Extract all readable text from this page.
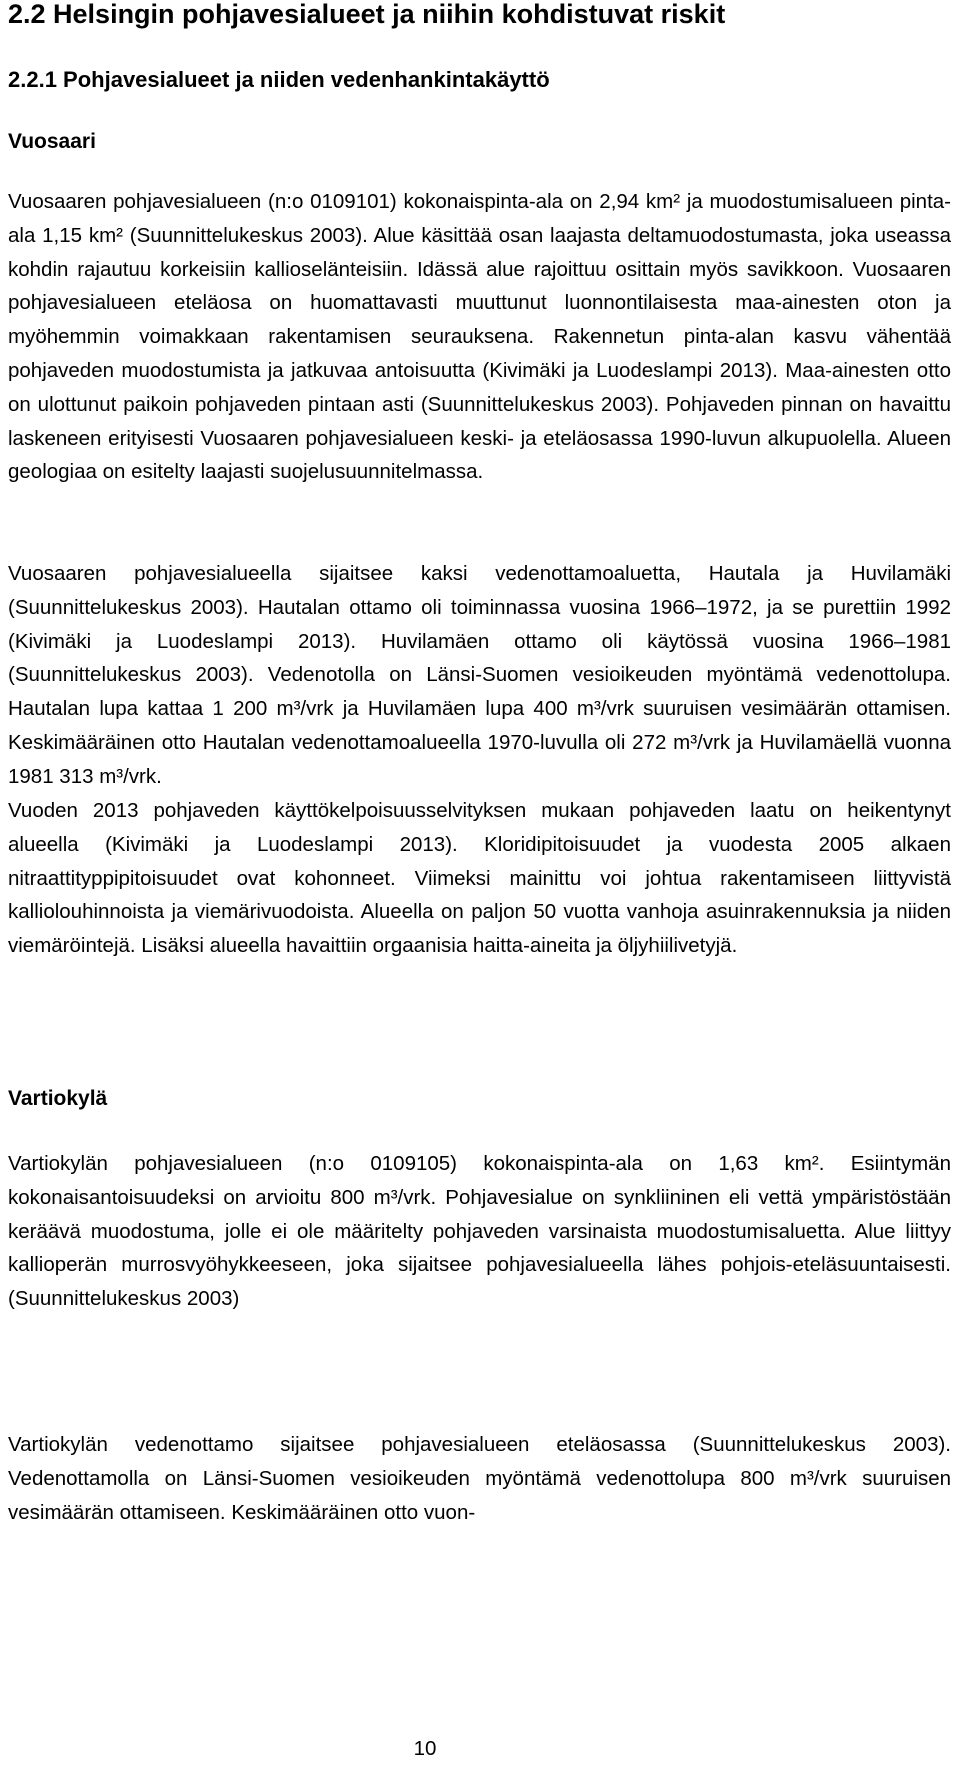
2.2 Helsingin pohjavesialueet ja niihin kohdistuvat riskit
2.2.1 Pohjavesialueet ja niiden vedenhankintakäyttö
Vuosaari

Vuosaaren pohjavesialueen (n:o 0109101) kokonaispinta-ala on 2,94 km² ja muodostumisalueen pinta-ala 1,15 km² (Suunnittelukeskus 2003). Alue käsittää osan laajasta deltamuodostumasta, joka useassa kohdin rajautuu korkeisiin kallioselänteisiin. Idässä alue rajoittuu osittain myös savikkoon. Vuosaaren pohjavesialueen eteläosa on huomattavasti muuttunut luonnontilaisesta maa-ainesten oton ja myöhemmin voimakkaan rakentamisen seurauksena. Rakennetun pinta-alan kasvu vähentää pohjaveden muodostumista ja jatkuvaa antoisuutta (Kivimäki ja Luodeslampi 2013). Maa-ainesten otto on ulottunut paikoin pohjaveden pintaan asti (Suunnittelukeskus 2003). Pohjaveden pinnan on havaittu laskeneen erityisesti Vuosaaren pohjavesialueen keski- ja eteläosassa 1990-luvun alkupuolella. Alueen geologiaa on esitelty laajasti suojelusuunnitelmassa.

Vuosaaren pohjavesialueella sijaitsee kaksi vedenottamoaluetta, Hautala ja Huvilamäki (Suunnittelukeskus 2003). Hautalan ottamo oli toiminnassa vuosina 1966–1972, ja se purettiin 1992 (Kivimäki ja Luodeslampi 2013). Huvilamäen ottamo oli käytössä vuosina 1966–1981 (Suunnittelukeskus 2003). Vedenotolla on Länsi-Suomen vesioikeuden myöntämä vedenottolupa. Hautalan lupa kattaa 1 200 m³/vrk ja Huvilamäen lupa 400 m³/vrk suuruisen vesimäärän ottamisen. Keskimääräinen otto Hautalan vedenottamoalueella 1970-luvulla oli 272 m³/vrk ja Huvilamäellä vuonna 1981 313 m³/vrk.

Vuoden 2013 pohjaveden käyttökelpoisuusselvityksen mukaan pohjaveden laatu on heikentynyt alueella (Kivimäki ja Luodeslampi 2013). Kloridipitoisuudet ja vuodesta 2005 alkaen nitraattityppipitoisuudet ovat kohonneet. Viimeksi mainittu voi johtua rakentamiseen liittyvistä kalliolouhinnoista ja viemärivuodoista. Alueella on paljon 50 vuotta vanhoja asuinrakennuksia ja niiden viemäröintejä. Lisäksi alueella havaittiin orgaanisia haitta-aineita ja öljyhiilivetyjä.

Vartiokylä

Vartiokylän pohjavesialueen (n:o 0109105) kokonaispinta-ala on 1,63 km². Esiintymän kokonaisantoisuudeksi on arvioitu 800 m³/vrk. Pohjavesialue on synkliininen eli vettä ympäristöstään keräävä muodostuma, jolle ei ole määritelty pohjaveden varsinaista muodostumisaluetta. Alue liittyy kallioperän murrosvyöhykkeeseen, joka sijaitsee pohjavesialueella lähes pohjois-eteläsuuntaisesti. (Suunnittelukeskus 2003)

Vartiokylän vedenottamo sijaitsee pohjavesialueen eteläosassa (Suunnittelukeskus 2003). Vedenottamolla on Länsi-Suomen vesioikeuden myöntämä vedenottolupa 800 m³/vrk suuruisen vesimäärän ottamiseen. Keskimääräinen otto vuon-

10
